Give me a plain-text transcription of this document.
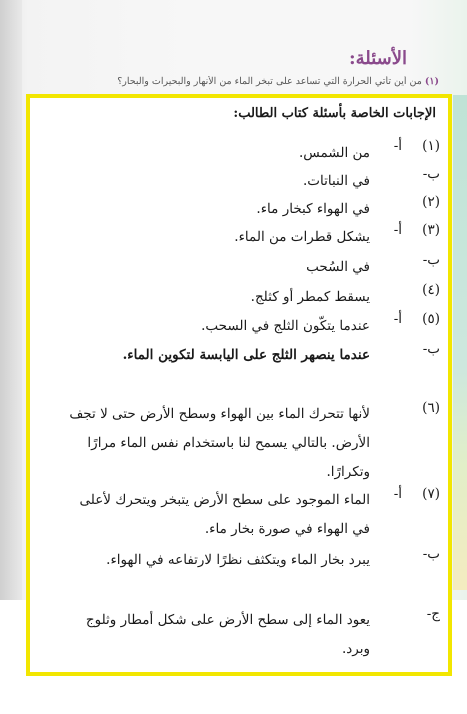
الأسئلة:
(١) من أين تأتي الحرارة التي تساعد على تبخر الماء من الأنهار والبحيرات والبحار؟
الإجابات الخاصة بأسئلة كتاب الطالب:
(١)
أ-
من الشمس.
ب-
في النباتات.
(٢)
في الهواء كبخار ماء.
(٣)
أ-
يشكل قطرات من الماء.
ب-
في السُحب
(٤)
يسقط كمطر أو كثلج.
(٥)
أ-
عندما يتكّون الثلج في السحب.
ب-
عندما ينصهر الثلج على اليابسة لتكوين الماء.
(٦)
لأنها تتحرك الماء بين الهواء وسطح الأرض حتى لا تجف الأرض. بالتالي يسمح لنا باستخدام نفس الماء مرارًا وتكرارًا.
(٧)
أ-
الماء الموجود على سطح الأرض يتبخر ويتحرك لأعلى في الهواء في صورة بخار ماء.
ب-
يبرد بخار الماء ويتكثف نظرًا لارتفاعه في الهواء.
ج-
يعود الماء إلى سطح الأرض على شكل أمطار وثلوج وبرد.
